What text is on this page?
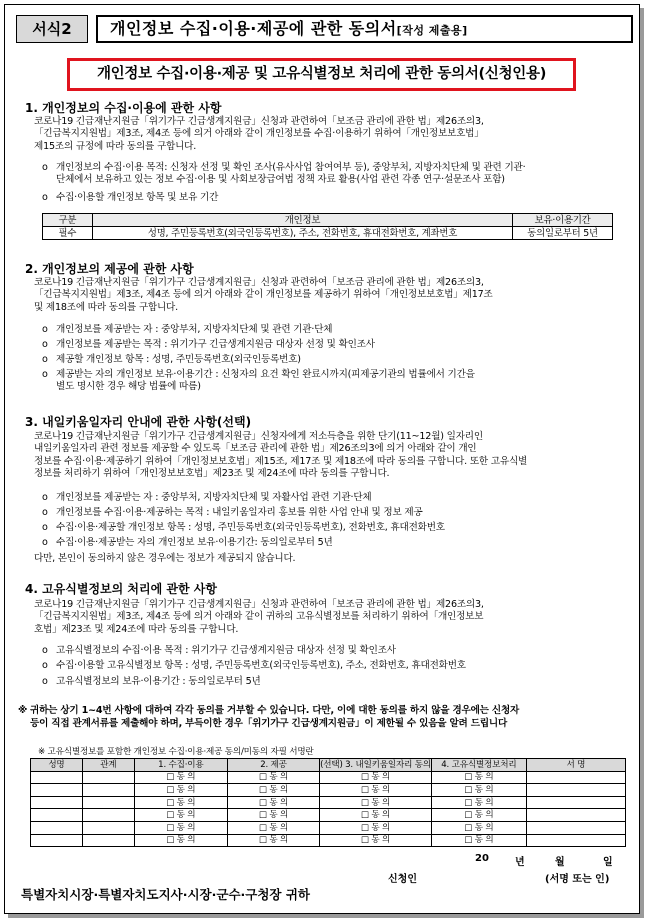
서식2	개인정보 수집·이용·제공에 관한 동의서[작성 제출용]
개인정보 수집·이용·제공 및 고유식별정보 처리에 관한 동의서(신청인용)
1. 개인정보의 수집·이용에 관한 사항
코로나19 긴급재난지원금「위기가구 긴급생계지원금」신청과 관련하여「보조금 관리에 관한 법」제26조의3,
「긴급복지지원법」제3조, 제4조 등에 의거 아래와 같이 개인정보를 수집·이용하기 위하여「개인정보보호법」
제15조의 규정에 따라 동의를 구합니다.
o 개인정보의 수집·이용 목적: 신청자 선정 및 확인 조사(유사사업 참여여부 등), 중앙부처, 지방자치단체 및 관련 기관·
단체에서 보유하고 있는 정보 수집·이용 및 사회보장급여법 정책 자료 활용(사업 관련 각종 연구·설문조사 포함)
o 수집·이용할 개인정보 항목 및 보유 기간
구분	개인정보	보유·이용기간
필수	성명, 주민등록번호(외국인등록번호), 주소, 전화번호, 휴대전화번호, 계좌번호	동의일로부터 5년
2. 개인정보의 제공에 관한 사항
코로나19 긴급재난지원금「위기가구 긴급생계지원금」신청과 관련하여「보조금 관리에 관한 법」제26조의3,
「긴급복지지원법」제3조, 제4조 등에 의거 아래와 같이 개인정보를 제공하기 위하여「개인정보보호법」제17조
및 제18조에 따라 동의를 구합니다.
o 개인정보를 제공받는 자 : 중앙부처, 지방자치단체 및 관련 기관·단체
o 개인정보를 제공받는 목적 : 위기가구 긴급생계지원금 대상자 선정 및 확인조사
o 제공할 개인정보 항목 : 성명, 주민등록번호(외국인등록번호)
o 제공받는 자의 개인정보 보유·이용기간 : 신청자의 요건 확인 완료시까지(피제공기관의 법률에서 기간을
별도 명시한 경우 해당 법률에 따름)
3. 내일키움일자리 안내에 관한 사항(선택)
코로나19 긴급재난지원금「위기가구 긴급생계지원금」신청자에게 저소득층을 위한 단기(11~12월) 일자리인
내일키움일자리 관련 정보를 제공할 수 있도록「보조금 관리에 관한 법」제26조의3에 의거 아래와 같이 개인
정보를 수집·이용·제공하기 위하여「개인정보보호법」제15조, 제17조 및 제18조에 따라 동의를 구합니다. 또한 고유식별
정보를 처리하기 위하여「개인정보보호법」제23조 및 제24조에 따라 동의를 구합니다.
o 개인정보를 제공받는 자 : 중앙부처, 지방자치단체 및 자활사업 관련 기관·단체
o 개인정보를 수집·이용·제공하는 목적 : 내일키움일자리 홍보를 위한 사업 안내 및 정보 제공
o 수집·이용·제공할 개인정보 항목 : 성명, 주민등록번호(외국인등록번호), 전화번호, 휴대전화번호
o 수집·이용·제공받는 자의 개인정보 보유·이용기간: 동의일로부터 5년
다만, 본인이 동의하지 않은 경우에는 정보가 제공되지 않습니다.
4. 고유식별정보의 처리에 관한 사항
코로나19 긴급재난지원금「위기가구 긴급생계지원금」신청과 관련하여「보조금 관리에 관한 법」제26조의3,
「긴급복지지원법」제3조, 제4조 등에 의거 아래와 같이 귀하의 고유식별정보를 처리하기 위하여「개인정보보
호법」제23조 및 제24조에 따라 동의를 구합니다.
o 고유식별정보의 수집·이용 목적 : 위기가구 긴급생계지원금 대상자 선정 및 확인조사
o 수집·이용할 고유식별정보 항목 : 성명, 주민등록번호(외국인등록번호), 주소, 전화번호, 휴대전화번호
o 고유식별정보의 보유·이용기간 : 동의일로부터 5년
※ 귀하는 상기 1~4번 사항에 대하여 각각 동의를 거부할 수 있습니다. 다만, 이에 대한 동의를 하지 않을 경우에는 신청자
등이 직접 관계서류를 제출해야 하며, 부득이한 경우「위기가구 긴급생계지원금」이 제한될 수 있음을 알려 드립니다
※ 고유식별정보를 포함한 개인정보 수집·이용·제공 동의/미동의 자필 서명란
성명	관계	1. 수집·이용	2. 제공	(선택) 3. 내일키움일자리 동의	4. 고유식별정보처리	서 명
		□ 동 의	□ 동 의	□ 동 의	□ 동 의	
		□ 동 의	□ 동 의	□ 동 의	□ 동 의	
		□ 동 의	□ 동 의	□ 동 의	□ 동 의	
		□ 동 의	□ 동 의	□ 동 의	□ 동 의	
		□ 동 의	□ 동 의	□ 동 의	□ 동 의	
		□ 동 의	□ 동 의	□ 동 의	□ 동 의	
20	년	월	일
신청인	(서명 또는 인)
특별자치시장·특별자치도지사·시장·군수·구청장 귀하
